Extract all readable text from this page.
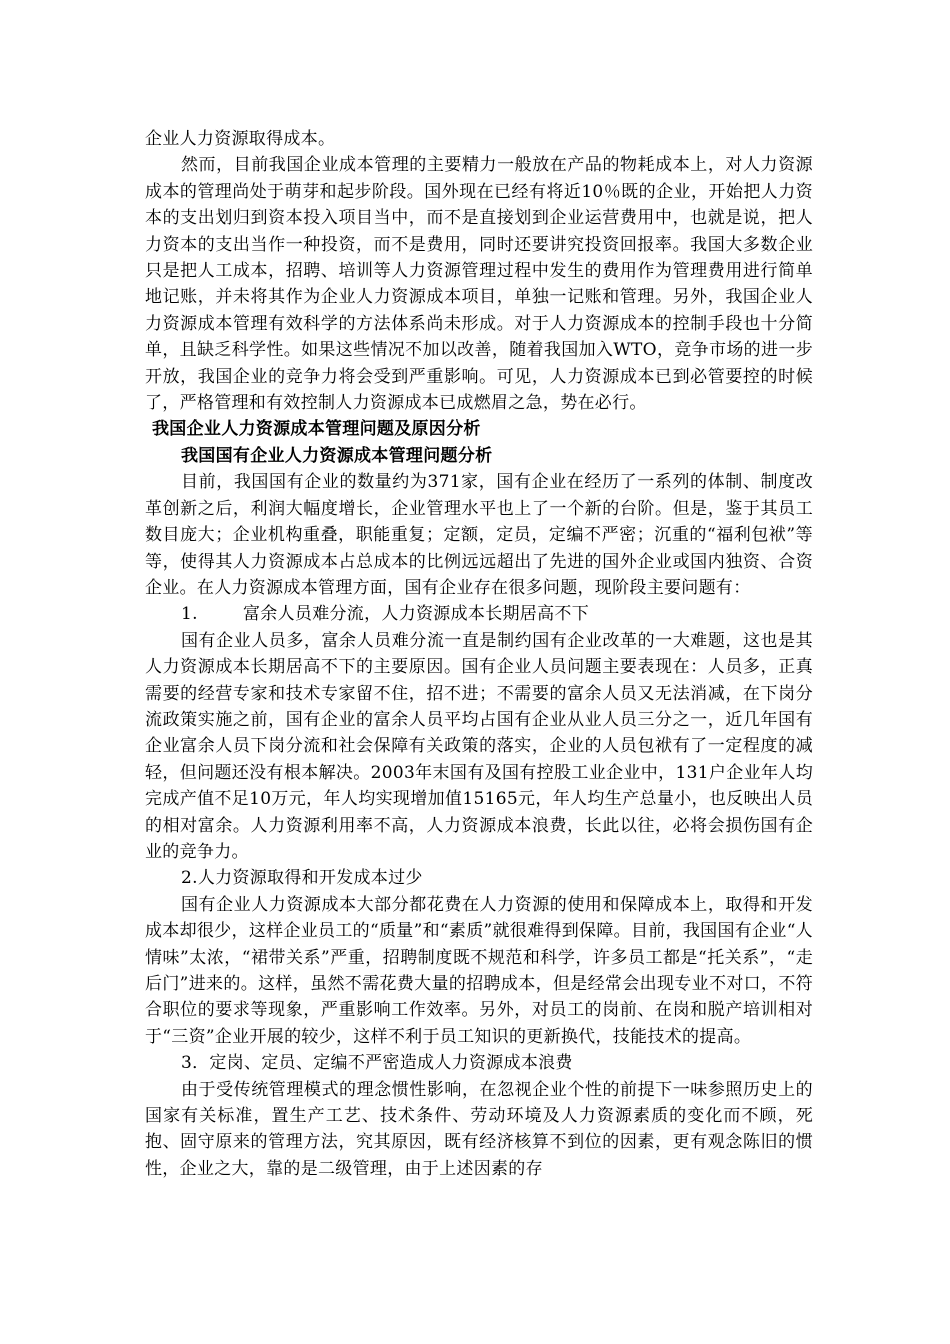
企业人力资源取得成本。

然而，目前我国企业成本管理的主要精力一般放在产品的物耗成本上，对人力资源成本的管理尚处于萌芽和起步阶段。国外现在已经有将近10％既的企业，开始把人力资本的支出划归到资本投入项目当中，而不是直接划到企业运营费用中，也就是说，把人力资本的支出当作一种投资，而不是费用，同时还要讲究投资回报率。我国大多数企业只是把人工成本，招聘、培训等人力资源管理过程中发生的费用作为管理费用进行简单地记账，并未将其作为企业人力资源成本项目，单独一记账和管理。另外，我国企业人力资源成本管理有效科学的方法体系尚未形成。对于人力资源成本的控制手段也十分简单，且缺乏科学性。如果这些情况不加以改善，随着我国加入WTO，竞争市场的进一步开放，我国企业的竞争力将会受到严重影响。可见，人力资源成本已到必管要控的时候了，严格管理和有效控制人力资源成本已成燃眉之急，势在必行。

我国企业人力资源成本管理问题及原因分析

我国国有企业人力资源成本管理问题分析

目前，我国国有企业的数量约为371家，国有企业在经历了一系列的体制、制度改革创新之后，利润大幅度增长，企业管理水平也上了一个新的台阶。但是，鉴于其员工数目庞大；企业机构重叠，职能重复；定额，定员，定编不严密；沉重的“福利包袱”等等，使得其人力资源成本占总成本的比例远远超出了先进的国外企业或国内独资、合资企业。在人力资源成本管理方面，国有企业存在很多问题，现阶段主要问题有：

1.	富余人员难分流，人力资源成本长期居高不下

国有企业人员多，富余人员难分流一直是制约国有企业改革的一大难题，这也是其人力资源成本长期居高不下的主要原因。国有企业人员问题主要表现在：人员多，正真需要的经营专家和技术专家留不住，招不进；不需要的富余人员又无法消减，在下岗分流政策实施之前，国有企业的富余人员平均占国有企业从业人员三分之一，近几年国有企业富余人员下岗分流和社会保障有关政策的落实，企业的人员包袱有了一定程度的减轻，但问题还没有根本解决。2003年末国有及国有控股工业企业中，131户企业年人均完成产值不足10万元，年人均实现增加值15165元，年人均生产总量小，也反映出人员的相对富余。人力资源利用率不高，人力资源成本浪费，长此以往，必将会损伤国有企业的竞争力。

2.人力资源取得和开发成本过少

国有企业人力资源成本大部分都花费在人力资源的使用和保障成本上，取得和开发成本却很少，这样企业员工的“质量”和“素质”就很难得到保障。目前，我国国有企业“人情味”太浓，“裙带关系”严重，招聘制度既不规范和科学，许多员工都是“托关系”，“走后门”进来的。这样，虽然不需花费大量的招聘成本，但是经常会出现专业不对口，不符合职位的要求等现象，严重影响工作效率。另外，对员工的岗前、在岗和脱产培训相对于“三资”企业开展的较少，这样不利于员工知识的更新换代，技能技术的提高。

3．定岗、定员、定编不严密造成人力资源成本浪费

由于受传统管理模式的理念惯性影响，在忽视企业个性的前提下一味参照历史上的国家有关标准，置生产工艺、技术条件、劳动环境及人力资源素质的变化而不顾，死抱、固守原来的管理方法，究其原因，既有经济核算不到位的因素，更有观念陈旧的惯性，企业之大，靠的是二级管理，由于上述因素的存
